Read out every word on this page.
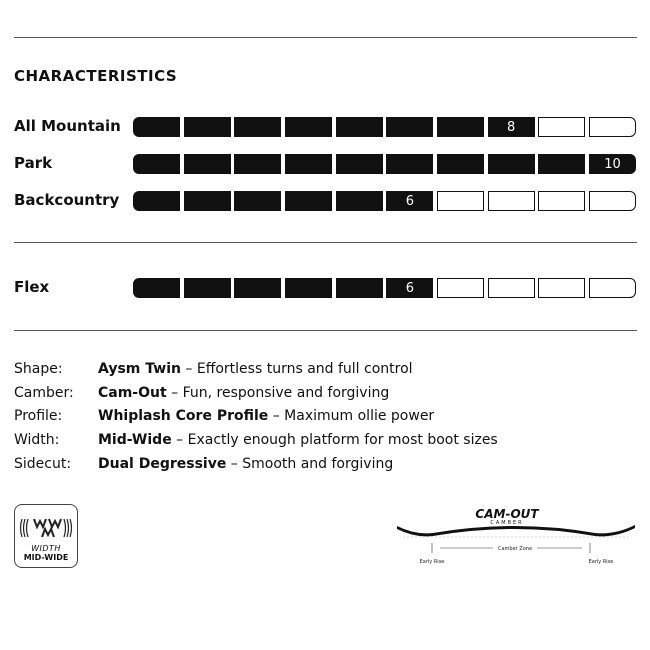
CHARACTERISTICS
All Mountain	8
Park	10
Backcountry	6
Flex	6
Shape:	Aysm Twin – Effortless turns and full control
Camber: Cam-Out – Fun, responsive and forgiving
Profile:	Whiplash Core Profile – Maximum ollie power
Width:	Mid-Wide – Exactly enough platform for most boot sizes
Sidecut: Dual Degressive – Smooth and forgiving
WIDTH
MID-WIDE
CAM-OUT
CAMBER
Camber Zone
Early Rise	Early Rise
